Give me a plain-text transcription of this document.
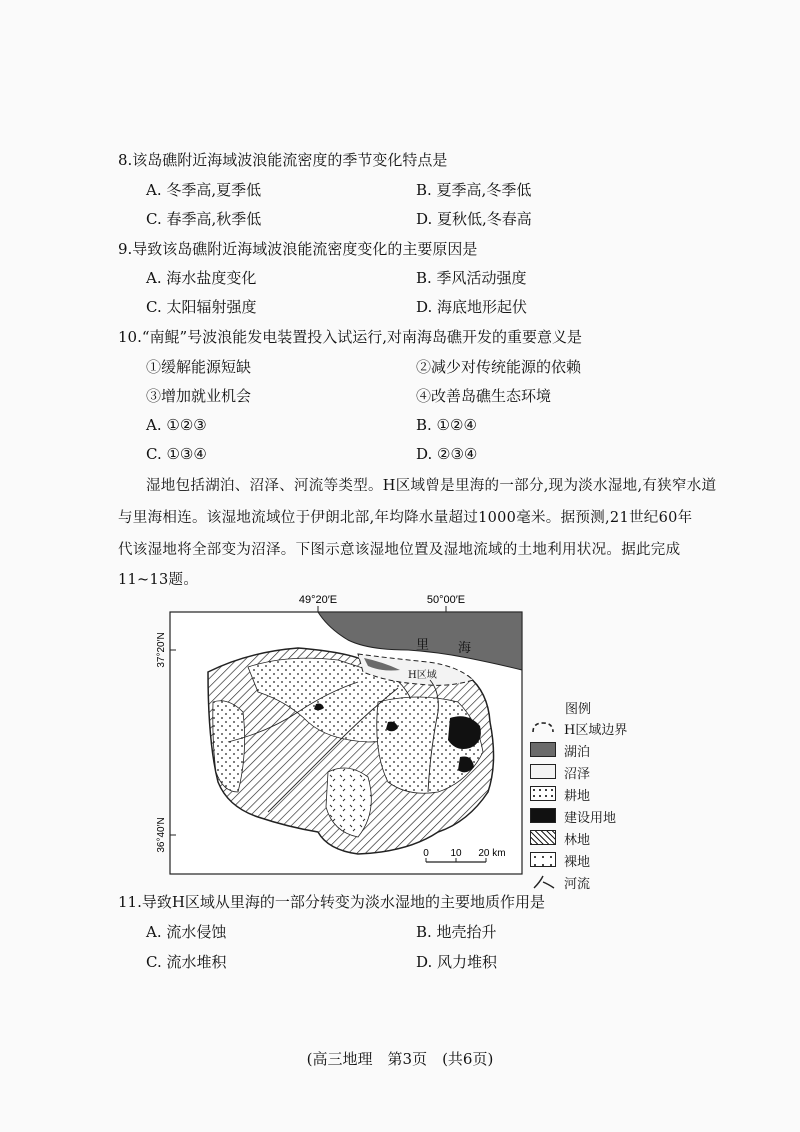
8.该岛礁附近海域波浪能流密度的季节变化特点是
A. 冬季高,夏季低	B. 夏季高,冬季低
C. 春季高,秋季低	D. 夏秋低,冬春高
9.导致该岛礁附近海域波浪能流密度变化的主要原因是
A. 海水盐度变化	B. 季风活动强度
C. 太阳辐射强度	D. 海底地形起伏
10.“南鲲”号波浪能发电装置投入试运行,对南海岛礁开发的重要意义是
①缓解能源短缺	②减少对传统能源的依赖
③增加就业机会	④改善岛礁生态环境
A. ①②③	B. ①②④
C. ①③④	D. ②③④
湿地包括湖泊、沼泽、河流等类型。H区域曾是里海的一部分,现为淡水湿地,有狭窄水道
与里海相连。该湿地流域位于伊朗北部,年均降水量超过1000毫米。据预测,21世纪60年
代该湿地将全部变为沼泽。下图示意该湿地位置及湿地流域的土地利用状况。据此完成
11~13题。
49°20′E	50°00′E
37°20′N
36°40′N
里 海
H区域
0 10 20 km
图例
H区域边界
湖泊
沼泽
耕地
建设用地
林地
裸地
河流
11.导致H区域从里海的一部分转变为淡水湿地的主要地质作用是
A. 流水侵蚀	B. 地壳抬升
C. 流水堆积	D. 风力堆积
(高三地理　第3页　(共6页)
